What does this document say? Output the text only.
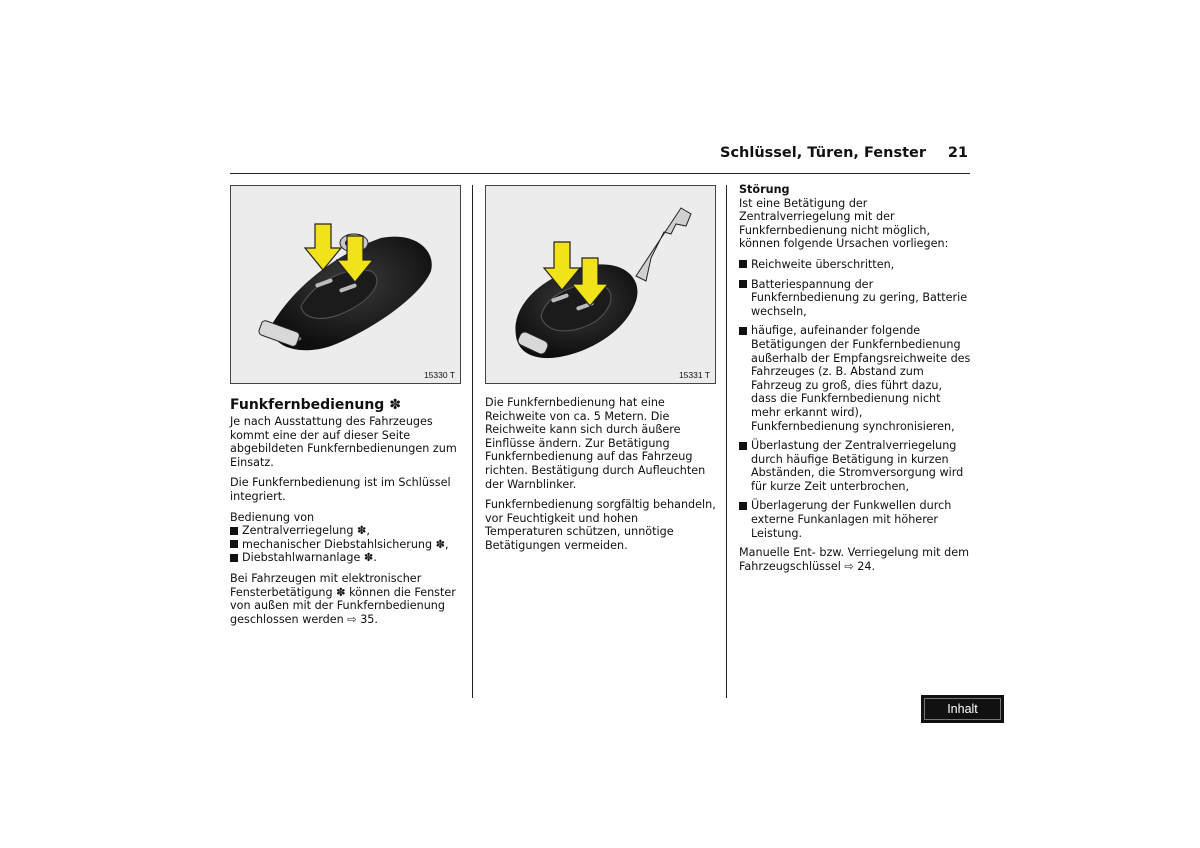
Schlüssel, Türen, Fenster 21
15330 T	15331 T
Funkfernbedienung ✽

Je nach Ausstattung des Fahrzeuges kommt eine der auf dieser Seite abgebildeten Funkfernbedienungen zum Einsatz.

Die Funkfernbedienung ist im Schlüssel integriert.

Bedienung von
Zentralverriegelung ✽,
mechanischer Diebstahlsicherung ✽,
Diebstahlwarnanlage ✽.

Bei Fahrzeugen mit elektronischer Fensterbetätigung ✽ können die Fenster von außen mit der Funkfernbedienung geschlossen werden ⇨ 35.

Die Funkfernbedienung hat eine Reichweite von ca. 5 Metern. Die Reichweite kann sich durch äußere Einflüsse ändern. Zur Betätigung Funkfernbedienung auf das Fahrzeug richten. Bestätigung durch Aufleuchten der Warnblinker.

Funkfernbedienung sorgfältig behandeln, vor Feuchtigkeit und hohen Temperaturen schützen, unnötige Betätigungen vermeiden.

Störung

Ist eine Betätigung der Zentralverriegelung mit der Funkfernbedienung nicht möglich, können folgende Ursachen vorliegen:

Reichweite überschritten,
Batteriespannung der Funkfernbedienung zu gering, Batterie wechseln,
häufige, aufeinander folgende Betätigungen der Funkfernbedienung außerhalb der Empfangsreichweite des Fahrzeuges (z. B. Abstand zum Fahrzeug zu groß, dies führt dazu, dass die Funkfernbedienung nicht mehr erkannt wird), Funkfernbedienung synchronisieren,
Überlastung der Zentralverriegelung durch häufige Betätigung in kurzen Abständen, die Stromversorgung wird für kurze Zeit unterbrochen,
Überlagerung der Funkwellen durch externe Funkanlagen mit höherer Leistung.

Manuelle Ent- bzw. Verriegelung mit dem Fahrzeugschlüssel ⇨ 24.

Inhalt
